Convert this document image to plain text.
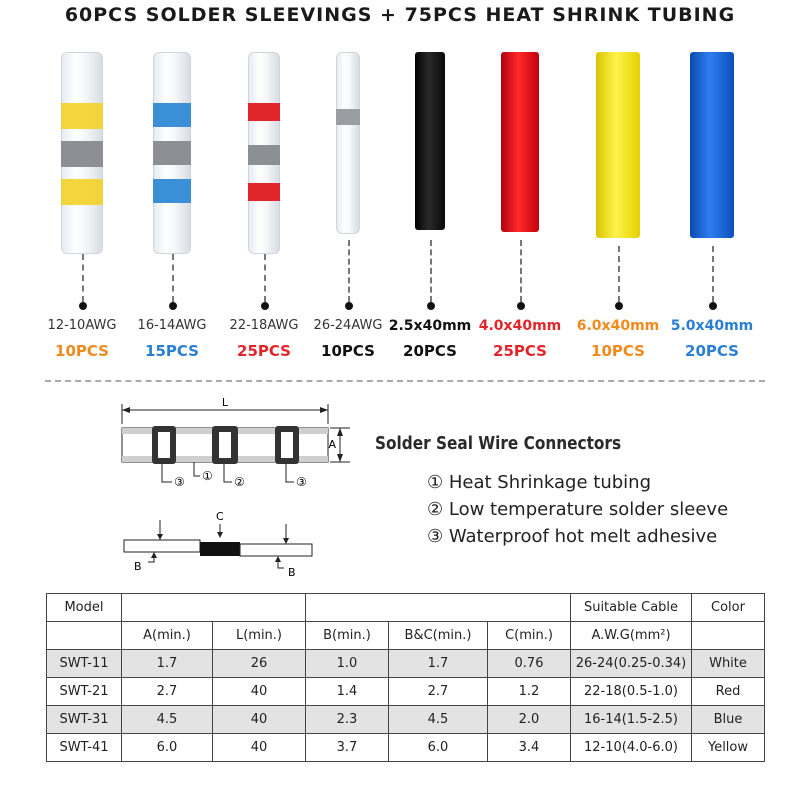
60PCS SOLDER SLEEVINGS + 75PCS HEAT SHRINK TUBING
12-10AWG
10PCS
16-14AWG
15PCS
22-18AWG
25PCS
26-24AWG
10PCS
2.5x40mm
20PCS
4.0x40mm
25PCS
6.0x40mm
10PCS
5.0x40mm
20PCS
L
A
③ ① ②	③
Solder Seal Wire Connectors
① Heat Shrinkage tubing
② Low temperature solder sleeve
③ Waterproof hot melt adhesive
C
B	B
Model						Suitable Cable	Color
	A(min.)	L(min.)	B(min.)	B&C(min.)	C(min.)	A.W.G(mm²)	
SWT-11	1.7	26	1.0	1.7	0.76	26-24(0.25-0.34)	White
SWT-21	2.7	40	1.4	2.7	1.2	22-18(0.5-1.0)	Red
SWT-31	4.5	40	2.3	4.5	2.0	16-14(1.5-2.5)	Blue
SWT-41	6.0	40	3.7	6.0	3.4	12-10(4.0-6.0)	Yellow
